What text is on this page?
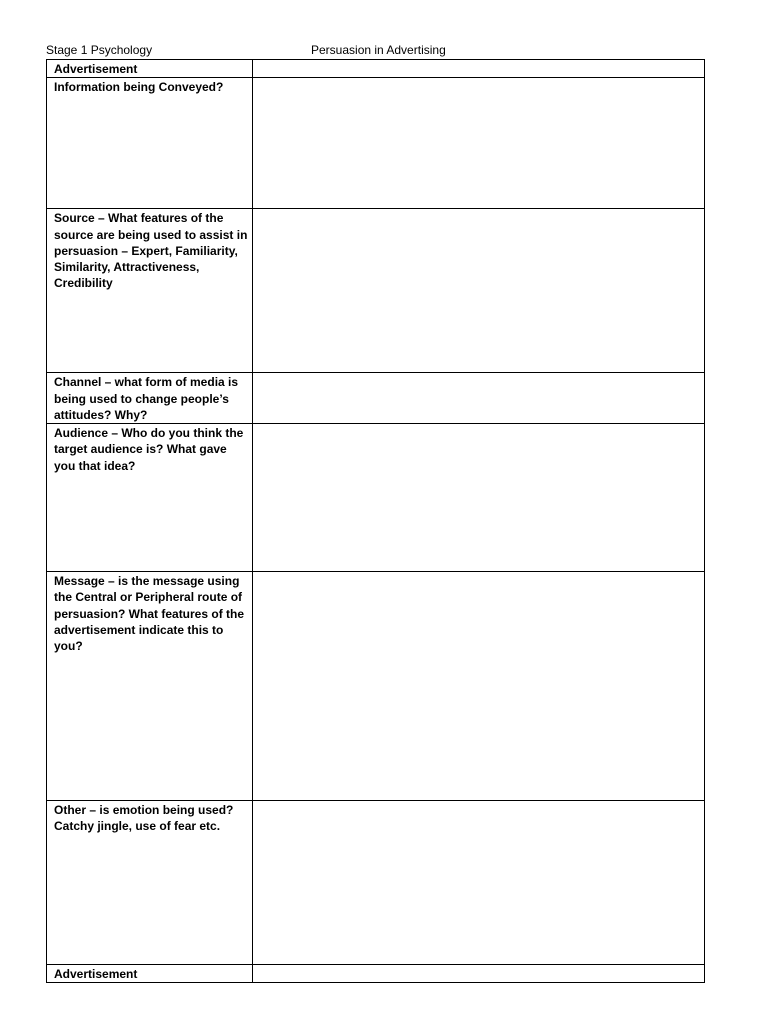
Stage 1 Psychology	Persuasion in Advertising
Advertisement	

Information being Conveyed?	

Source – What features of the source are being used to assist in persuasion – Expert, Familiarity, Similarity, Attractiveness, Credibility	

Channel – what form of media is being used to change people’s attitudes? Why?	

Audience – Who do you think the target audience is? What gave you that idea?	

Message – is the message using the Central or Peripheral route of persuasion? What features of the advertisement indicate this to you?	

Other – is emotion being used? Catchy jingle, use of fear etc.	

Advertisement	
